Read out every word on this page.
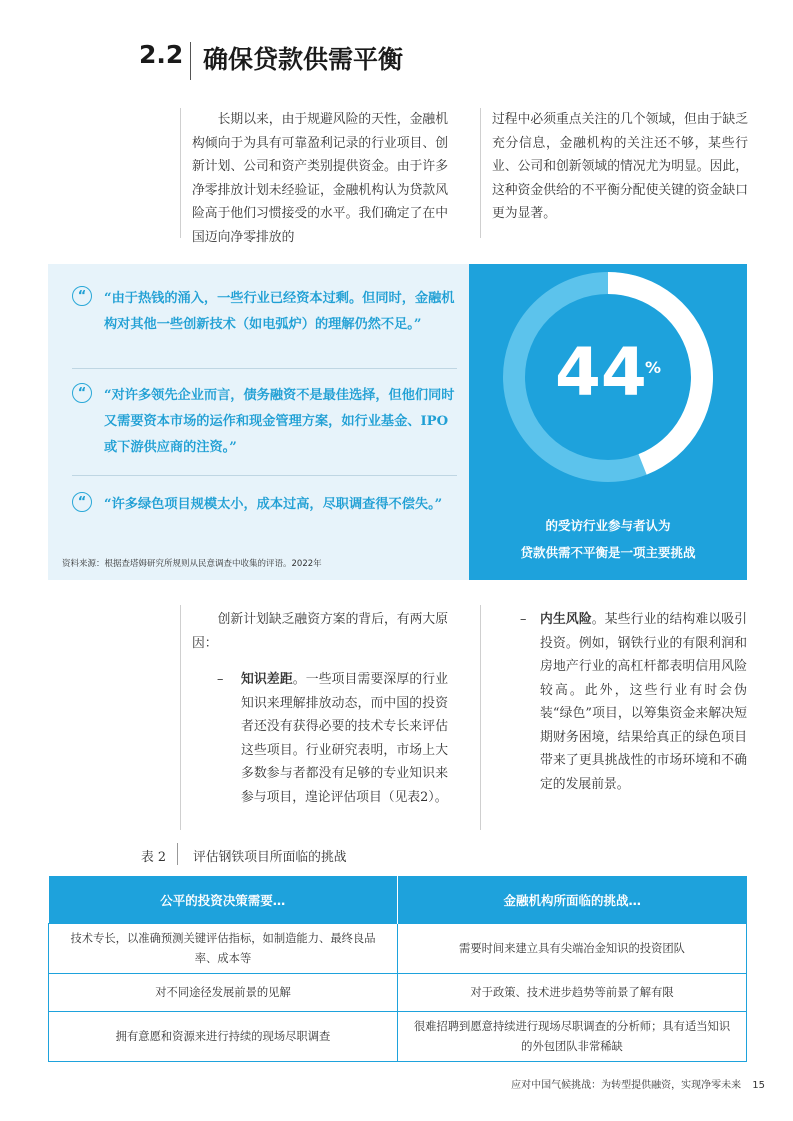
2.2 确保贷款供需平衡

长期以来，由于规避风险的天性，金融机构倾向于为具有可靠盈利记录的行业项目、创新计划、公司和资产类别提供资金。由于许多净零排放计划未经验证，金融机构认为贷款风险高于他们习惯接受的水平。我们确定了在中国迈向净零排放的

过程中必须重点关注的几个领域，但由于缺乏充分信息，金融机构的关注还不够，某些行业、公司和创新领域的情况尤为明显。因此，这种资金供给的不平衡分配使关键的资金缺口更为显著。

“	“由于热钱的涌入，一些行业已经资本过剩。但同时，金融机构对其他一些创新技术（如电弧炉）的理解仍然不足。”
“	“对许多领先企业而言，债务融资不是最佳选择，但他们同时又需要资本市场的运作和现金管理方案，如行业基金、IPO或下游供应商的注资。”
“	“许多绿色项目规模太小，成本过高，尽职调查得不偿失。”
资料来源：根据查塔姆研究所规则从民意调查中收集的评语。2022年
44
%
的受访行业参与者认为
贷款供需不平衡是一项主要挑战

创新计划缺乏融资方案的背后，有两大原因：

– 知识差距。一些项目需要深厚的行业知识来理解排放动态，而中国的投资者还没有获得必要的技术专长来评估这些项目。行业研究表明，市场上大多数参与者都没有足够的专业知识来参与项目，遑论评估项目（见表2）。

– 内生风险。某些行业的结构难以吸引投资。例如，钢铁行业的有限利润和房地产行业的高杠杆都表明信用风险较高。此外，这些行业有时会伪装“绿色”项目，以筹集资金来解决短期财务困境，结果给真正的绿色项目带来了更具挑战性的市场环境和不确定的发展前景。

表 2 评估钢铁项目所面临的挑战
公平的投资决策需要…	金融机构所面临的挑战…
技术专长，以准确预测关键评估指标，如制造能力、最终良品率、成本等	需要时间来建立具有尖端冶金知识的投资团队
对不同途径发展前景的见解	对于政策、技术进步趋势等前景了解有限
拥有意愿和资源来进行持续的现场尽职调查	很难招聘到愿意持续进行现场尽职调查的分析师；具有适当知识的外包团队非常稀缺
应对中国气候挑战：为转型提供融资，实现净零未来 15
